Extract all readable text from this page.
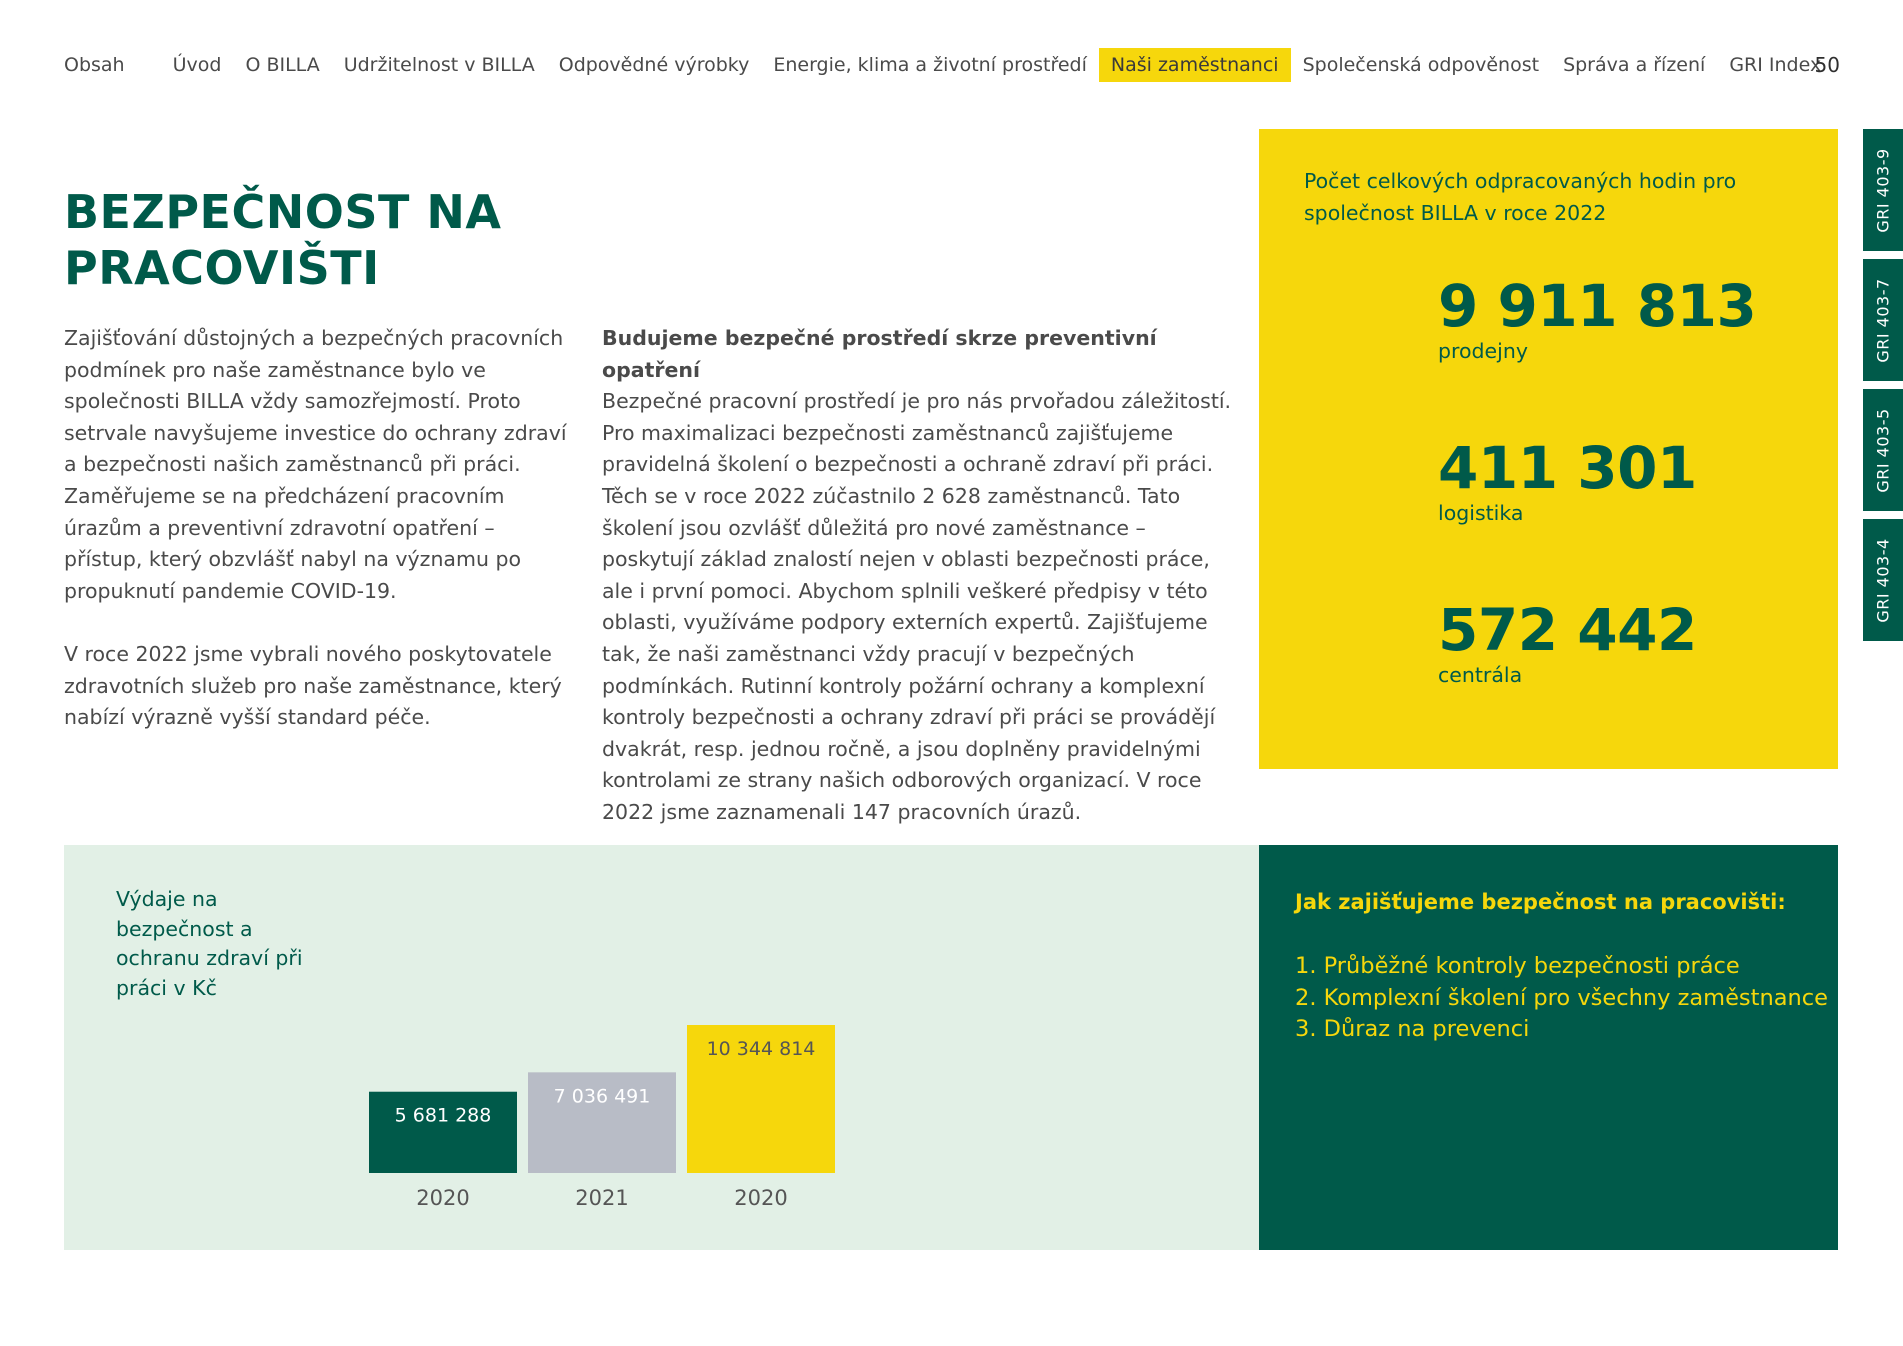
Obsah	Úvod	O BILLA	Udržitelnost v BILLA	Odpovědné výrobky	Energie, klima a životní prostředí	Naši zaměstnanci	Společenská odpověnost	Správa a řízení	GRI Index
50
GRI 403-9
GRI 403-7
GRI 403-5
GRI 403-4
BEZPEČNOST NA PRACOVIŠTI

Zajišťování důstojných a bezpečných pracovních podmínek pro naše zaměstnance bylo ve společnosti BILLA vždy samozřejmostí. Proto setrvale navyšujeme investice do ochrany zdraví a bezpečnosti našich zaměstnanců při práci. Zaměřujeme se na předcházení pracovním úrazům a preventivní zdravotní opatření – přístup, který obzvlášť nabyl na významu po propuknutí pandemie COVID-19.

V roce 2022 jsme vybrali nového poskytovatele zdravotních služeb pro naše zaměstnance, který nabízí výrazně vyšší standard péče.

Budujeme bezpečné prostředí skrze preventivní opatření
Bezpečné pracovní prostředí je pro nás prvořadou záležitostí. Pro maximalizaci bezpečnosti zaměstnanců zajišťujeme pravidelná školení o bezpečnosti a ochraně zdraví při práci. Těch se v roce 2022 zúčastnilo 2 628 zaměstnanců. Tato školení jsou ozvlášť důležitá pro nové zaměstnance – poskytují základ znalostí nejen v oblasti bezpečnosti práce, ale i první pomoci. Abychom splnili veškeré předpisy v této oblasti, využíváme podpory externích expertů. Zajišťujeme tak, že naši zaměstnanci vždy pracují v bezpečných podmínkách. Rutinní kontroly požární ochrany a komplexní kontroly bezpečnosti a ochrany zdraví při práci se provádějí dvakrát, resp. jednou ročně, a jsou doplněny pravidelnými kontrolami ze strany našich odborových organizací. V roce 2022 jsme zaznamenali 147 pracovních úrazů.
Počet celkových odpracovaných hodin pro společnost BILLA v roce 2022
9 911 813
prodejny
411 301
logistika
572 442
centrála
Výdaje na bezpečnost a ochranu zdraví při práci v Kč
5 681 288
2020
7 036 491
2021
10 344 814
2020
Jak zajišťujeme bezpečnost na pracovišti:
1. Průběžné kontroly bezpečnosti práce
2. Komplexní školení pro všechny zaměstnance
3. Důraz na prevenci
